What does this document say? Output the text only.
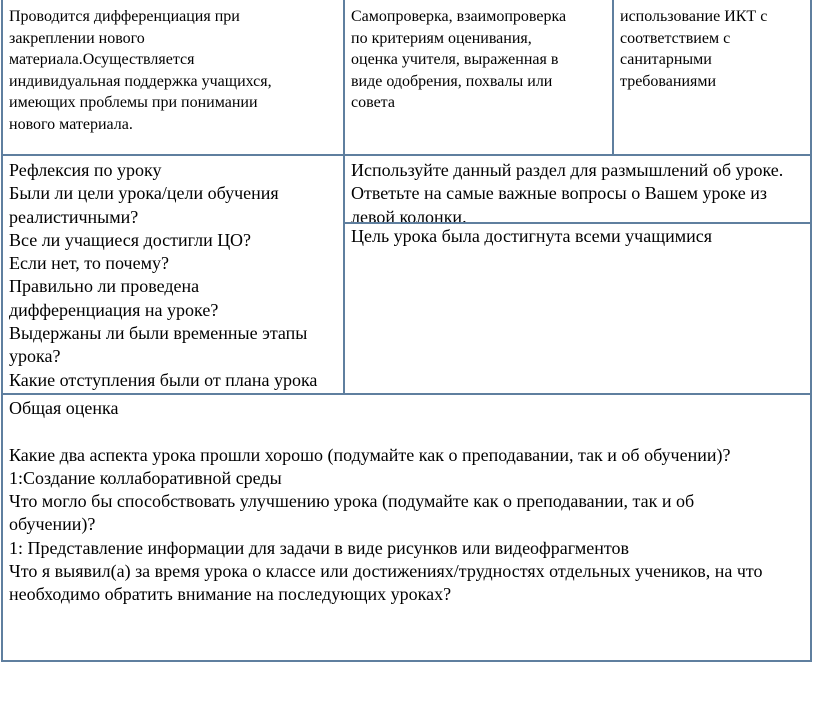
Проводится дифференциация при
закреплении нового
материала.Осуществляется
индивидуальная поддержка учащихся,
имеющих проблемы при понимании
нового материала.
Самопроверка, взаимопроверка
по критериям оценивания,
оценка учителя, выраженная в
виде одобрения, похвалы или
совета
использование ИКТ с
соответствием с
санитарными
требованиями
Рефлексия по уроку
Были ли цели урока/цели обучения
реалистичными?
Все ли учащиеся достигли ЦО?
Если нет, то почему?
Правильно ли проведена
дифференциация на уроке?
Выдержаны ли были временные этапы
урока?
Какие отступления были от плана урока
Используйте данный раздел для размышлений об уроке.
Ответьте на самые важные вопросы о Вашем уроке из
левой колонки.
Цель урока была достигнута всеми учащимися
Общая оценка

Какие два аспекта урока прошли хорошо (подумайте как о преподавании, так и об обучении)?
1:Создание коллаборативной среды
Что могло бы способствовать улучшению урока (подумайте как о преподавании, так и об
обучении)?
1: Представление информации для задачи в виде рисунков или видеофрагментов
Что я выявил(а) за время урока о классе или достижениях/трудностях отдельных учеников, на что
необходимо обратить внимание на последующих уроках?
